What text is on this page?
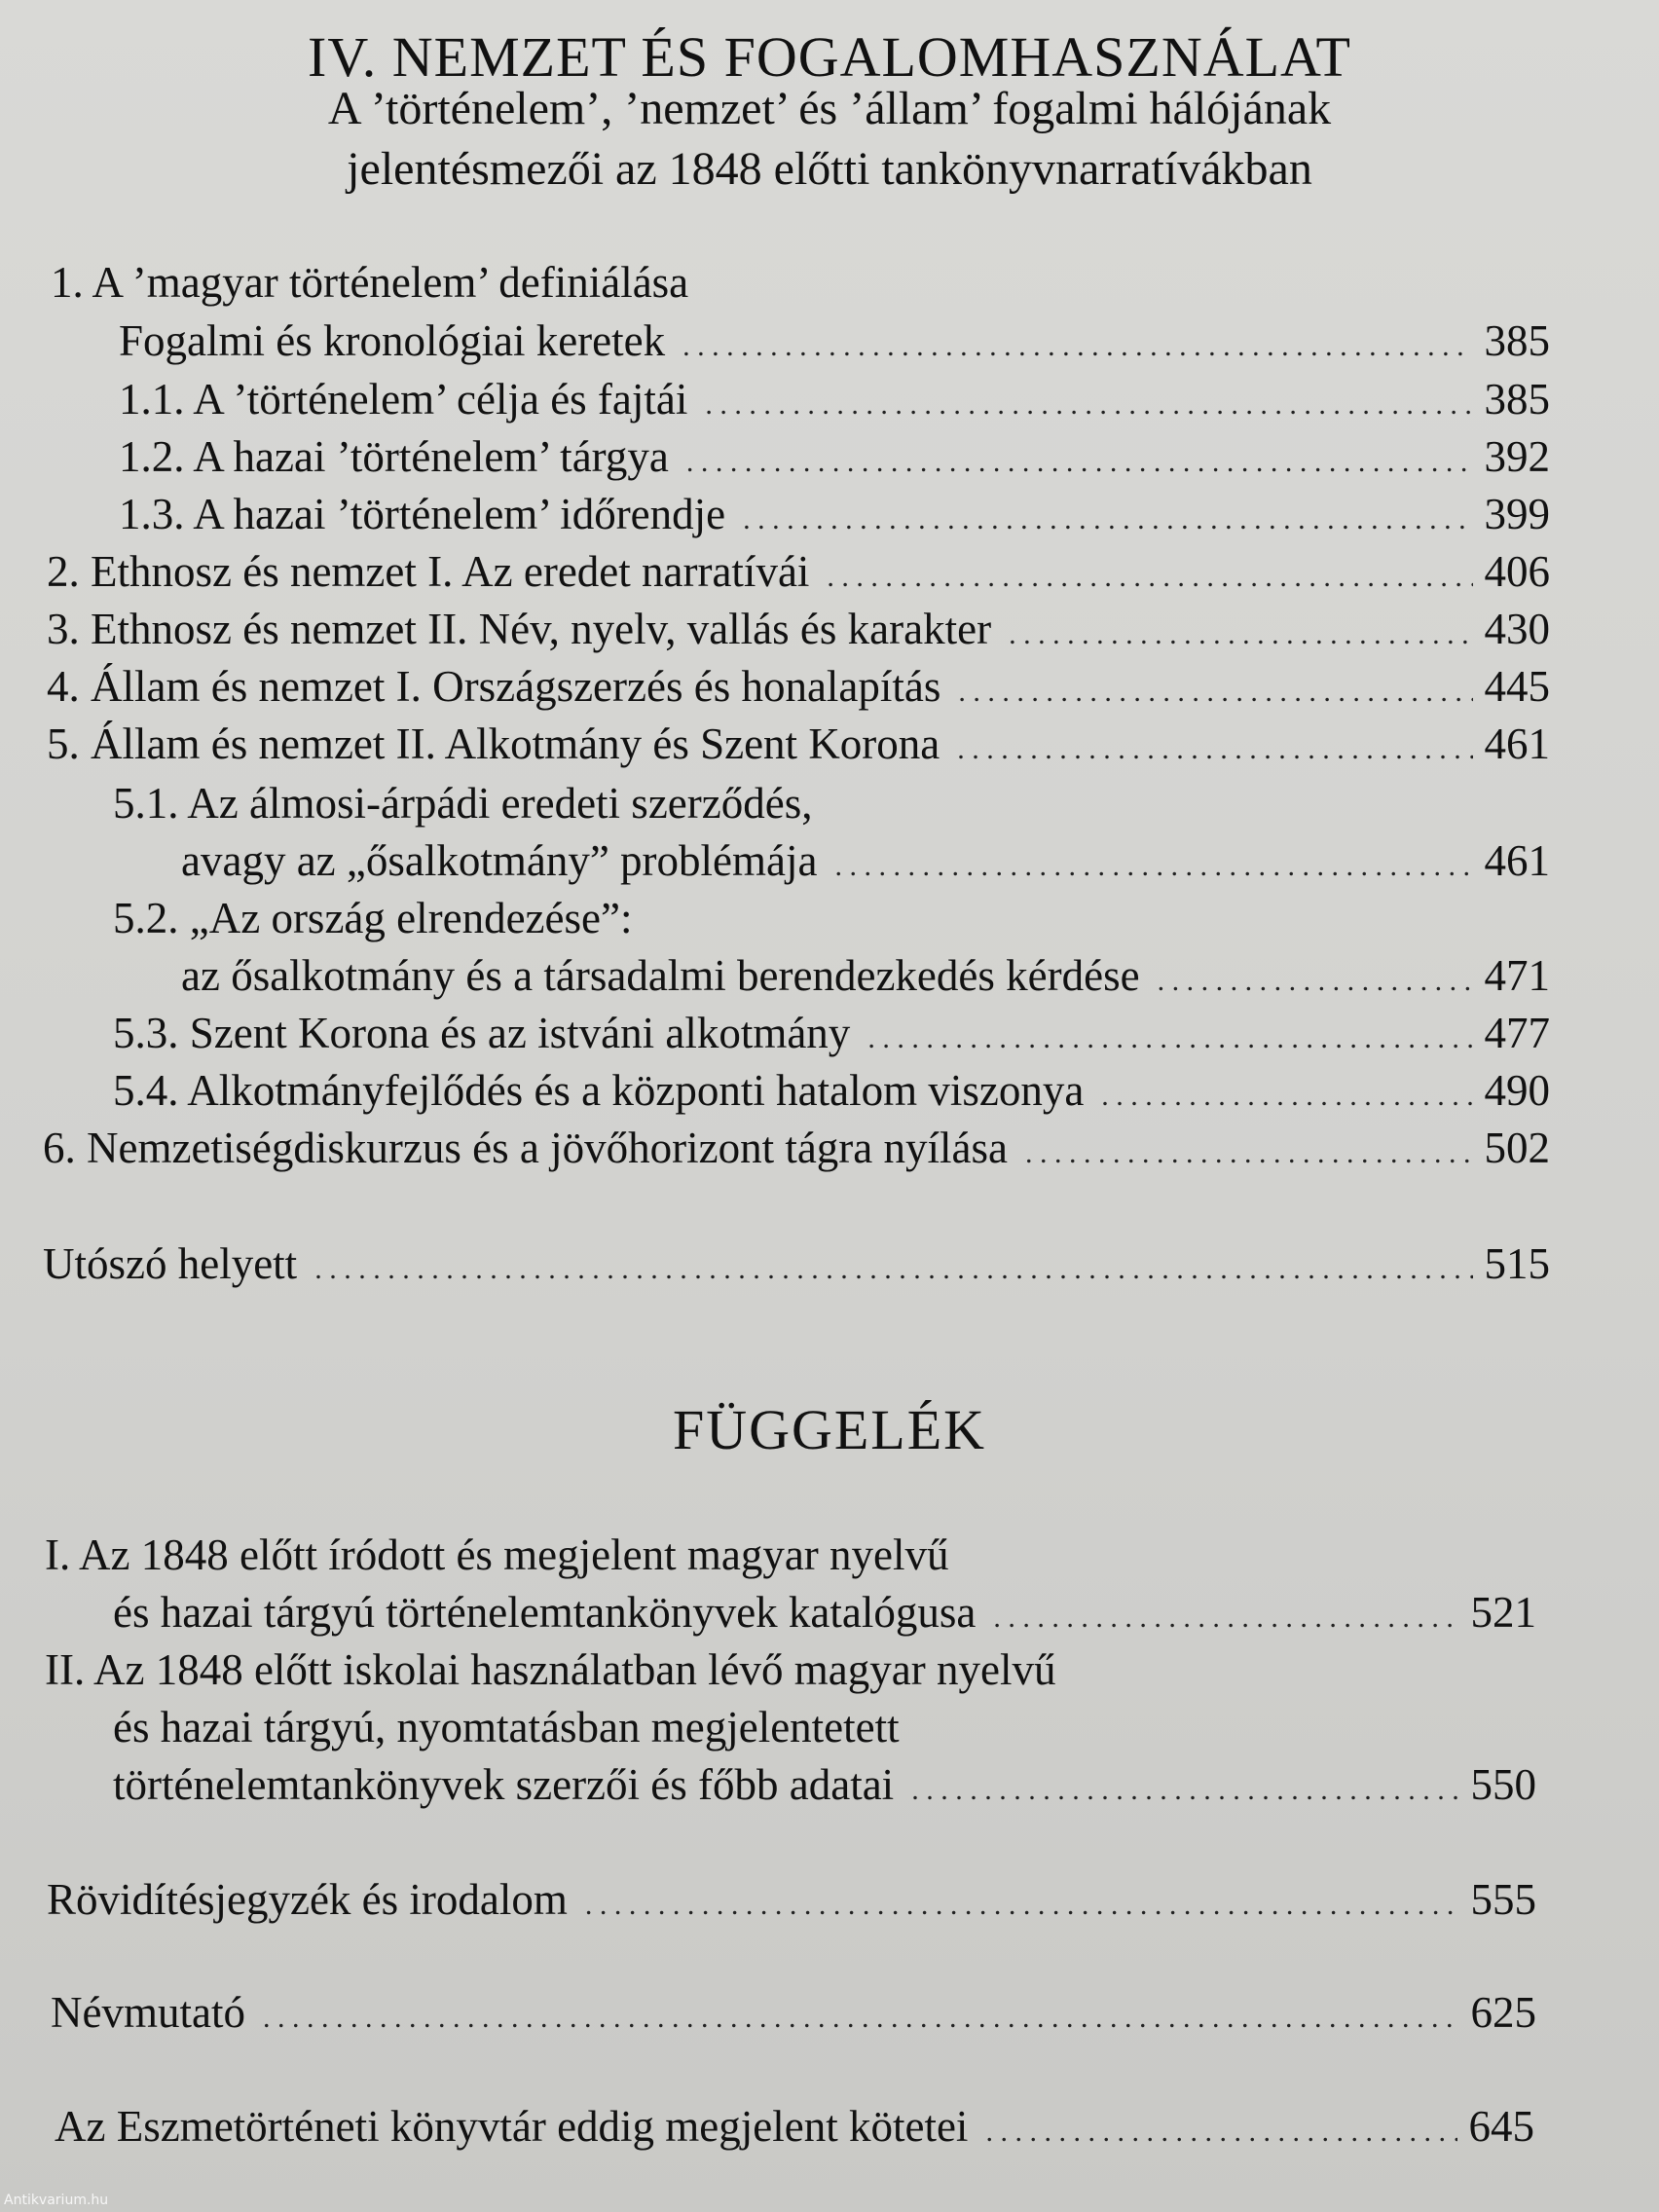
IV. NEMZET ÉS FOGALOMHASZNÁLAT
A ’történelem’, ’nemzet’ és ’állam’ fogalmi hálójának
jelentésmezői az 1848 előtti tankönyvnarratívákban
1. A ’magyar történelem’ definiálása
Fogalmi és kronológiai keretek . . .	385
1.1. A ’történelem’ célja és fajtái . . .	385
1.2. A hazai ’történelem’ tárgya . . .	392
1.3. A hazai ’történelem’ időrendje . . .	399
2. Ethnosz és nemzet I. Az eredet narratívái . . .	406
3. Ethnosz és nemzet II. Név, nyelv, vallás és karakter . . .	430
4. Állam és nemzet I. Országszerzés és honalapítás . . .	445
5. Állam és nemzet II. Alkotmány és Szent Korona . . .	461
5.1. Az álmosi-árpádi eredeti szerződés,
avagy az „ősalkotmány” problémája . . .	461
5.2. „Az ország elrendezése”:
az ősalkotmány és a társadalmi berendezkedés kérdése . . .	471
5.3. Szent Korona és az istváni alkotmány . . .	477
5.4. Alkotmányfejlődés és a központi hatalom viszonya . . .	490
6. Nemzetiségdiskurzus és a jövőhorizont tágra nyílása . . .	502
Utószó helyett . . .	515
FÜGGELÉK
I. Az 1848 előtt íródott és megjelent magyar nyelvű
és hazai tárgyú történelemtankönyvek katalógusa . . .	521
II. Az 1848 előtt iskolai használatban lévő magyar nyelvű
és hazai tárgyú, nyomtatásban megjelentetett
történelemtankönyvek szerzői és főbb adatai . . .	550
Rövidítésjegyzék és irodalom . . .	555
Névmutató . . .	625
Az Eszmetörténeti könyvtár eddig megjelent kötetei . . .	645
Antikvarium.hu
